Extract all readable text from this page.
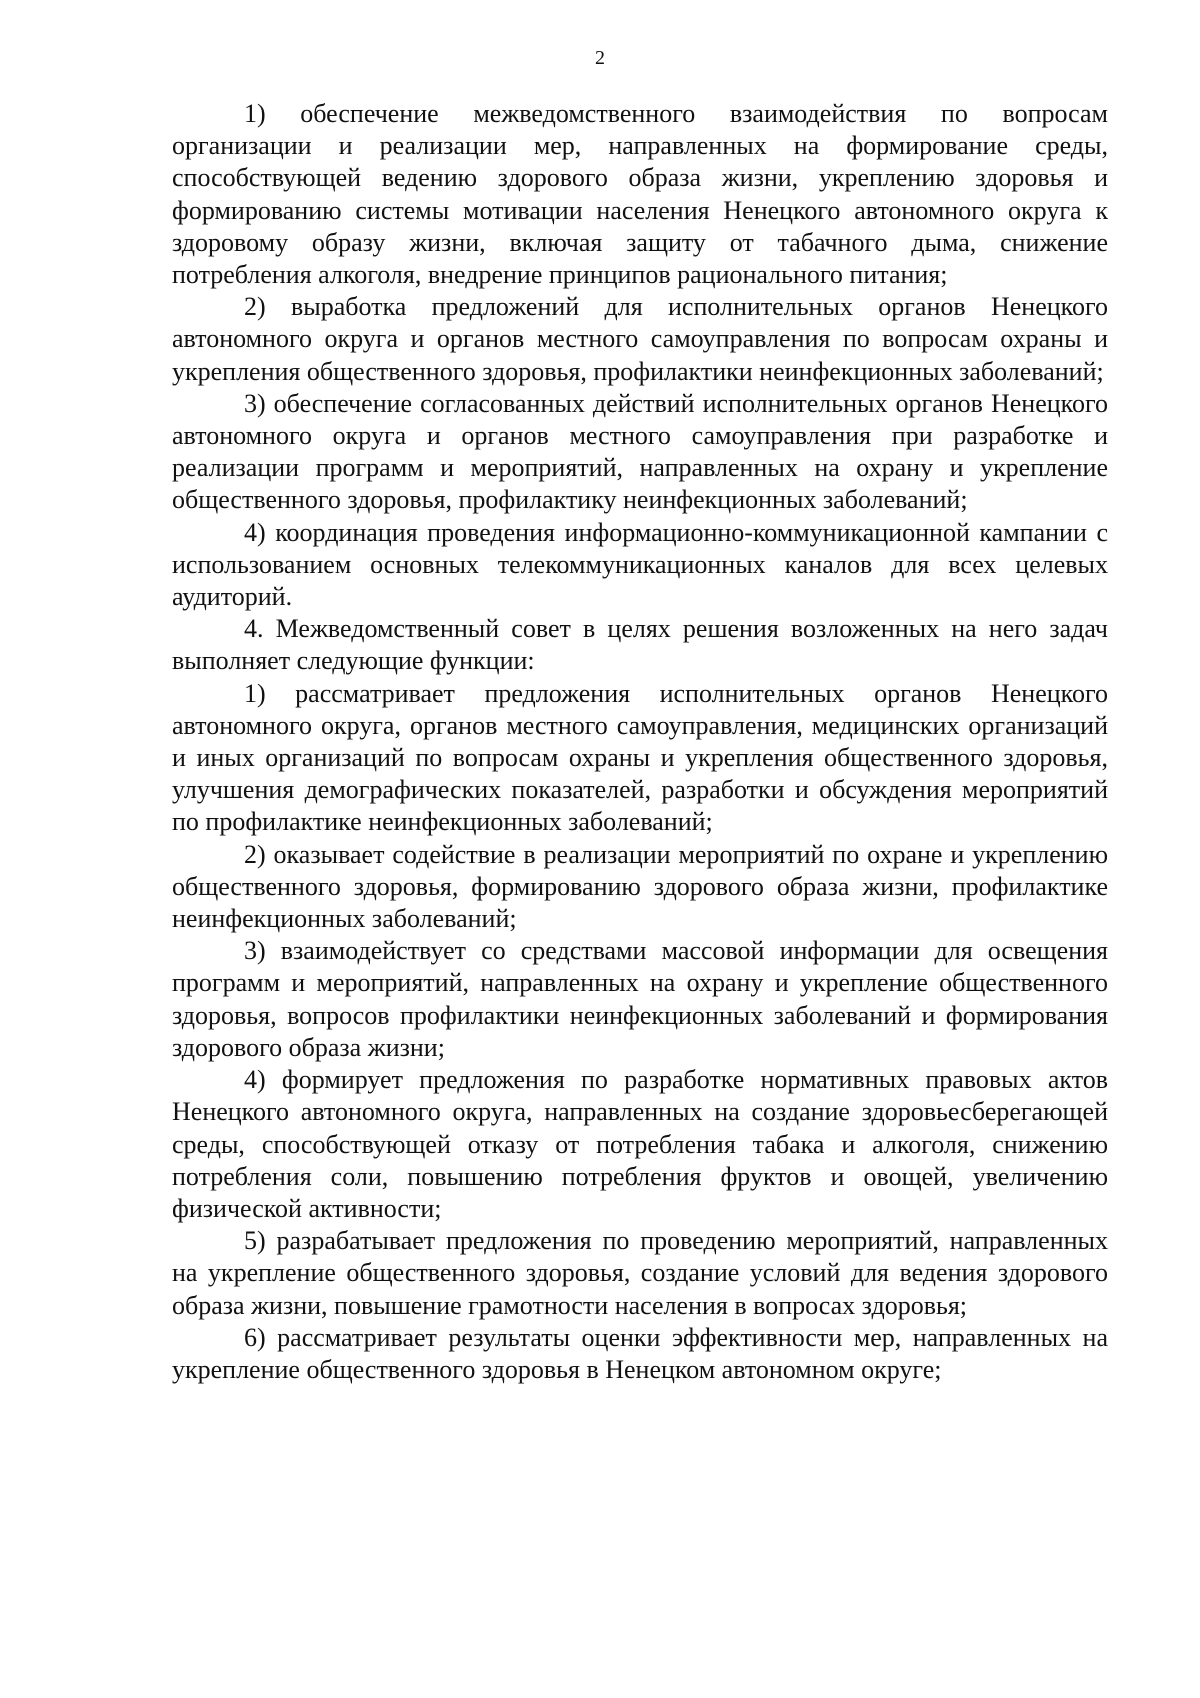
2

1) обеспечение межведомственного взаимодействия по вопросам организации и реализации мер, направленных на формирование среды, способствующей ведению здорового образа жизни, укреплению здоровья и формированию системы мотивации населения Ненецкого автономного округа к здоровому образу жизни, включая защиту от табачного дыма, снижение потребления алкоголя, внедрение принципов рационального питания;

2) выработка предложений для исполнительных органов Ненецкого автономного округа и органов местного самоуправления по вопросам охраны и укрепления общественного здоровья, профилактики неинфекционных заболеваний;

3) обеспечение согласованных действий исполнительных органов Ненецкого автономного округа и органов местного самоуправления при разработке и реализации программ и мероприятий, направленных на охрану и укрепление общественного здоровья, профилактику неинфекционных заболеваний;

4) координация проведения информационно-коммуникационной кампании с использованием основных телекоммуникационных каналов для всех целевых аудиторий.

4. Межведомственный совет в целях решения возложенных на него задач выполняет следующие функции:

1) рассматривает предложения исполнительных органов Ненецкого автономного округа, органов местного самоуправления, медицинских организаций и иных организаций по вопросам охраны и укрепления общественного здоровья, улучшения демографических показателей, разработки и обсуждения мероприятий по профилактике неинфекционных заболеваний;

2) оказывает содействие в реализации мероприятий по охране и укреплению общественного здоровья, формированию здорового образа жизни, профилактике неинфекционных заболеваний;

3) взаимодействует со средствами массовой информации для освещения программ и мероприятий, направленных на охрану и укрепление общественного здоровья, вопросов профилактики неинфекционных заболеваний и формирования здорового образа жизни;

4) формирует предложения по разработке нормативных правовых актов Ненецкого автономного округа, направленных на создание здоровьесберегающей среды, способствующей отказу от потребления табака и алкоголя, снижению потребления соли, повышению потребления фруктов и овощей, увеличению физической активности;

5) разрабатывает предложения по проведению мероприятий, направленных на укрепление общественного здоровья, создание условий для ведения здорового образа жизни, повышение грамотности населения в вопросах здоровья;

6) рассматривает результаты оценки эффективности мер, направленных на укрепление общественного здоровья в Ненецком автономном округе;
